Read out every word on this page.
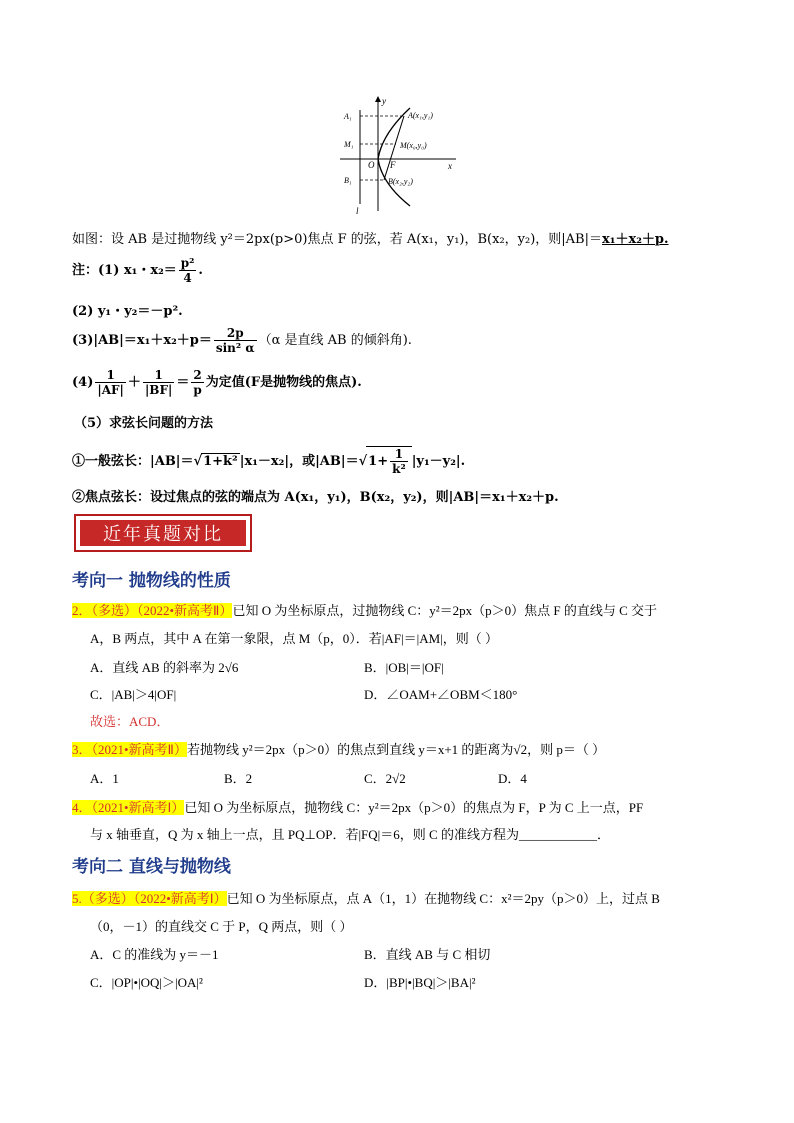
y
x
O F
l
A₁
M₁
B₁
A(x₁,y₁)
M(x₀,y₀)
B(x₂,y₂)
如图：设 AB 是过抛物线 y²＝2px(p>0)焦点 F 的弦，若 A(x₁，y₁)，B(x₂，y₂)，则|AB|＝x₁＋x₂＋p.
注：(1) x₁・$x_2= \frac{\text{p²}}{4}$ .
(2) y₁・y₂＝－p².
$(3)|AB|=x_1+x_2+p= \frac{2p}{\text{sin² α}} (\alpha$ 是直线 AB 的倾斜角).
$(4) \frac{1}{|AF|} + \frac{1}{|BF|} = \frac{2}{p}$ 为定值(F是抛物线的焦点).
（5）求弦长问题的方法
①一般弦长：|AB|＝√1+k² |x₁－x₂|，或$|AB|=√1+ \frac{1}{\text{k²}} |y_1-y_2|$.
②焦点弦长：设过焦点的弦的端点为 A(x₁，y₁)，B(x₂，y₂)，则|AB|＝x₁＋x₂＋p.
近年真题对比
考向一 抛物线的性质
2．（多选）（2022•新高考Ⅱ）已知 O 为坐标原点，过抛物线 C：y²＝2px（p＞0）焦点 F 的直线与 C 交于
A，B 两点，其中 A 在第一象限，点 M（p，0）．若|AF|＝|AM|，则（ ）
A．直线 AB 的斜率为 2√6	B．|OB|＝|OF|
C．|AB|＞4|OF|	D．∠OAM+∠OBM＜180°
故选：ACD．
3．（2021•新高考Ⅱ）若抛物线 y²＝2px（p＞0）的焦点到直线 y＝x+1 的距离为√2，则 p＝（ ）
A．1	B．2	C．2√2	D．4
4．（2021•新高考Ⅰ）已知 O 为坐标原点，抛物线 C：y²＝2px（p＞0）的焦点为 F，P 为 C 上一点，PF
与 x 轴垂直，Q 为 x 轴上一点，且 PQ⊥OP．若|FQ|＝6，则 C 的准线方程为____________．
考向二 直线与抛物线
5.（多选）（2022•新高考Ⅰ）已知 O 为坐标原点，点 A（1，1）在抛物线 C：x²＝2py（p＞0）上，过点 B
（0，－1）的直线交 C 于 P，Q 两点，则（ ）
A．C 的准线为 y＝－1	B．直线 AB 与 C 相切
C．|OP|•|OQ|＞|OA|²	D．|BP|•|BQ|＞|BA|²
